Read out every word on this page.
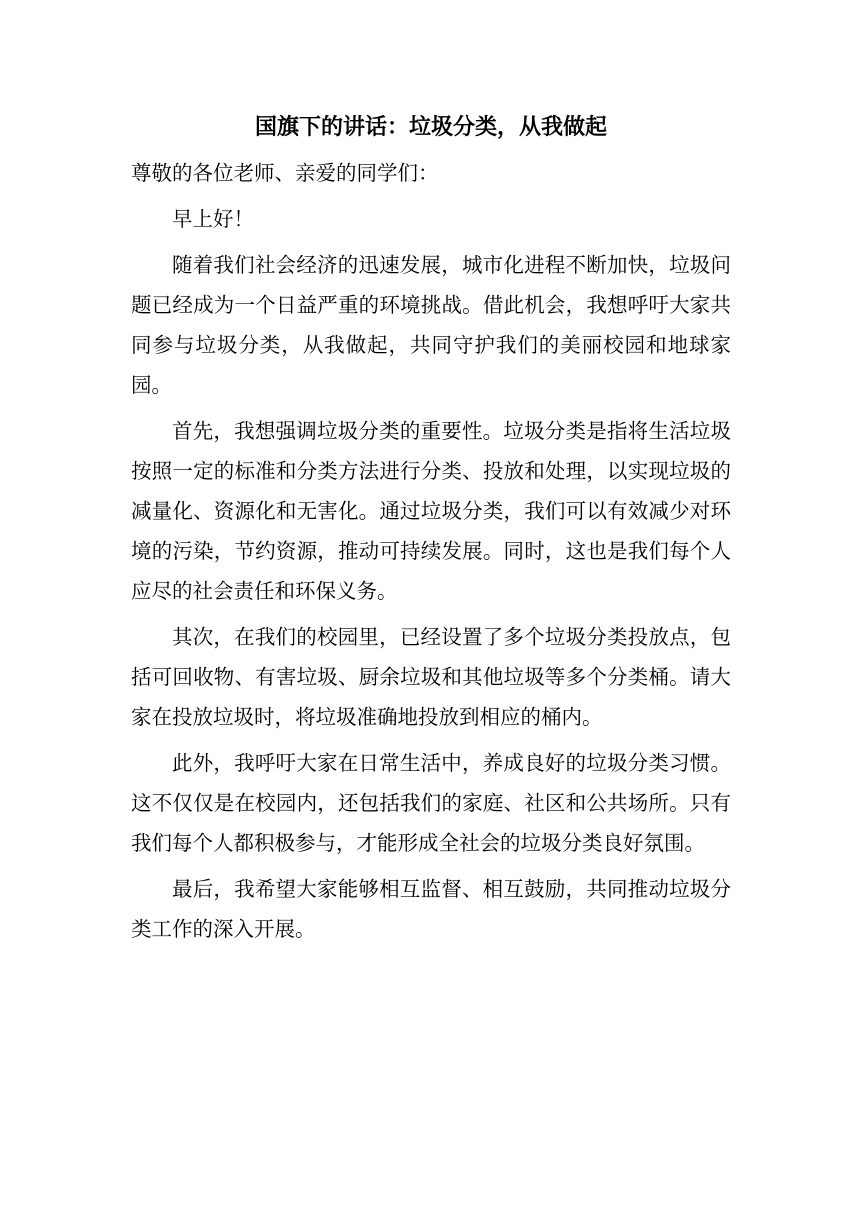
国旗下的讲话：垃圾分类，从我做起

尊敬的各位老师、亲爱的同学们：

早上好！

随着我们社会经济的迅速发展，城市化进程不断加快，垃圾问题已经成为一个日益严重的环境挑战。借此机会，我想呼吁大家共同参与垃圾分类，从我做起，共同守护我们的美丽校园和地球家园。

首先，我想强调垃圾分类的重要性。垃圾分类是指将生活垃圾按照一定的标准和分类方法进行分类、投放和处理，以实现垃圾的减量化、资源化和无害化。通过垃圾分类，我们可以有效减少对环境的污染，节约资源，推动可持续发展。同时，这也是我们每个人应尽的社会责任和环保义务。

其次，在我们的校园里，已经设置了多个垃圾分类投放点，包括可回收物、有害垃圾、厨余垃圾和其他垃圾等多个分类桶。请大家在投放垃圾时，将垃圾准确地投放到相应的桶内。

此外，我呼吁大家在日常生活中，养成良好的垃圾分类习惯。这不仅仅是在校园内，还包括我们的家庭、社区和公共场所。只有我们每个人都积极参与，才能形成全社会的垃圾分类良好氛围。

最后，我希望大家能够相互监督、相互鼓励，共同推动垃圾分类工作的深入开展。
